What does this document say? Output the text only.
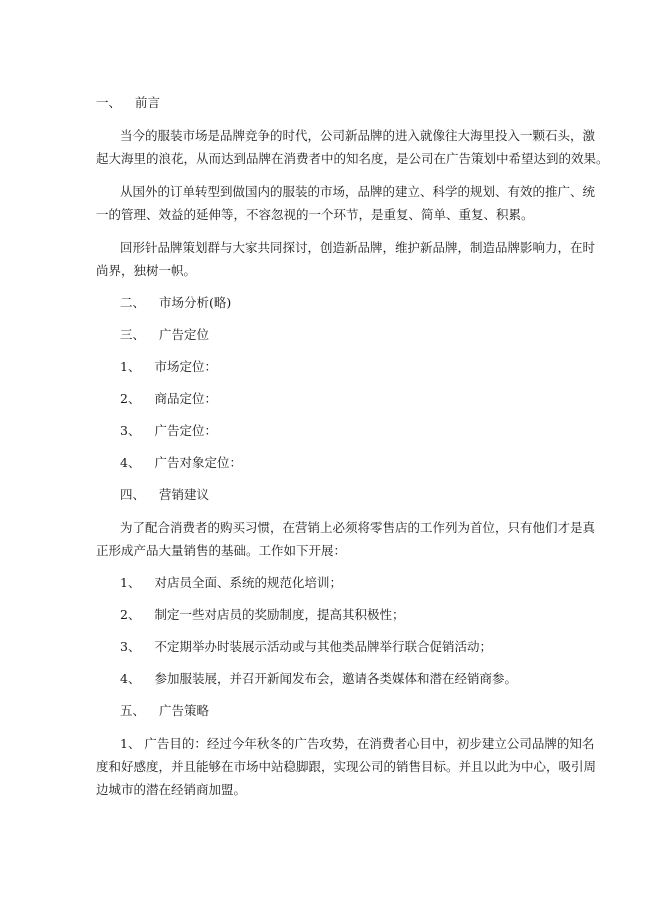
一、 前言
当今的服装市场是品牌竞争的时代，公司新品牌的进入就像往大海里投入一颗石头，激
起大海里的浪花，从而达到品牌在消费者中的知名度，是公司在广告策划中希望达到的效果。
从国外的订单转型到做国内的服装的市场，品牌的建立、科学的规划、有效的推广、统
一的管理、效益的延伸等，不容忽视的一个环节，是重复、简单、重复、积累。
回形针品牌策划群与大家共同探讨，创造新品牌，维护新品牌，制造品牌影响力，在时
尚界，独树一帜。
二、 市场分析(略)
三、 广告定位
1、 市场定位：
2、 商品定位：
3、 广告定位：
4、 广告对象定位：
四、 营销建议
为了配合消费者的购买习惯，在营销上必须将零售店的工作列为首位，只有他们才是真
正形成产品大量销售的基础。工作如下开展：
1、 对店员全面、系统的规范化培训；
2、 制定一些对店员的奖励制度，提高其积极性；
3、 不定期举办时装展示活动或与其他类品牌举行联合促销活动；
4、 参加服装展，并召开新闻发布会，邀请各类媒体和潜在经销商参。
五、 广告策略
1、 广告目的：经过今年秋冬的广告攻势，在消费者心目中，初步建立公司品牌的知名
度和好感度，并且能够在市场中站稳脚跟，实现公司的销售目标。并且以此为中心，吸引周
边城市的潜在经销商加盟。
